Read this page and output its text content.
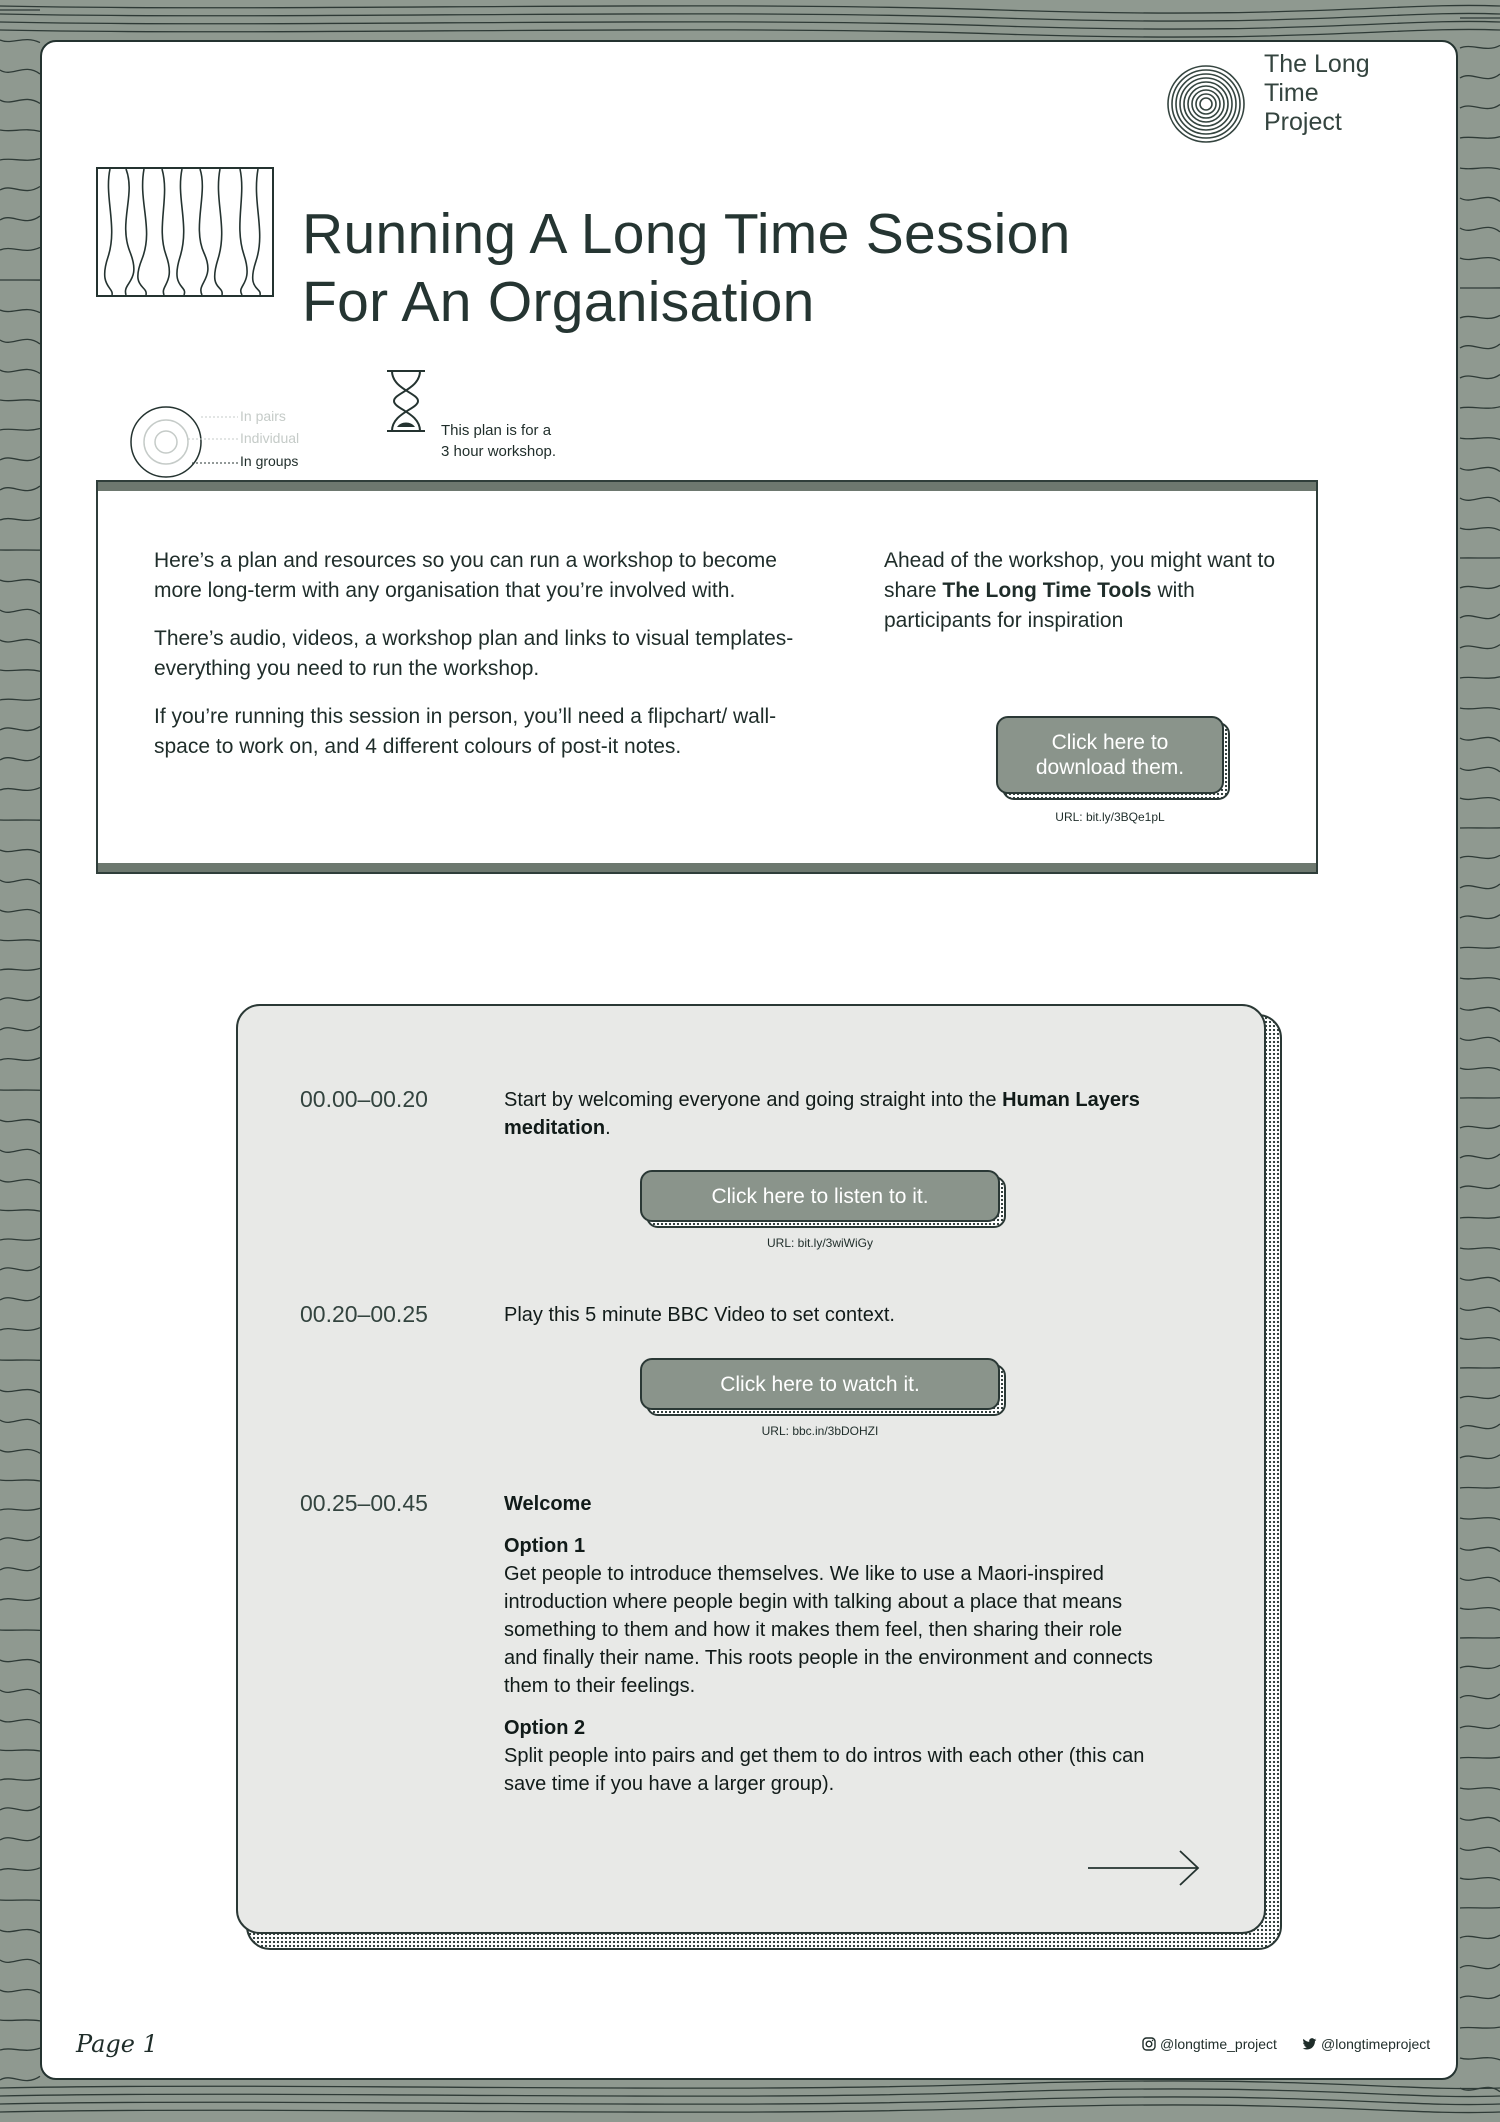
The Long
Time
Project
Running A Long Time Session
For An Organisation
In pairs
Individual
In groups
This plan is for a
3 hour workshop.

Here’s a plan and resources so you can run a workshop to become more long-term with any organisation that you’re involved with.

There’s audio, videos, a workshop plan and links to visual templates- everything you need to run the workshop.

If you’re running this session in person, you’ll need a flipchart/ wall-space to work on, and 4 different colours of post-it notes.

Ahead of the workshop, you might want to share The Long Time Tools with participants for inspiration
Click here to
download them.
URL: bit.ly/3BQe1pL
00.00–00.20	Start by welcoming everyone and going straight into the Human Layers meditation.
Click here to listen to it.
URL: bit.ly/3wiWiGy
00.20–00.25	Play this 5 minute BBC Video to set context.
Click here to watch it.
URL: bbc.in/3bDOHZI
00.25–00.45	Welcome

Option 1

Get people to introduce themselves. We like to use a Maori-inspired introduction where people begin with talking about a place that means something to them and how it makes them feel, then sharing their role and finally their name. This roots people in the environment and connects them to their feelings.

Option 2

Split people into pairs and get them to do intros with each other (this can save time if you have a larger group).

Page 1	@longtime_project	@longtimeproject
